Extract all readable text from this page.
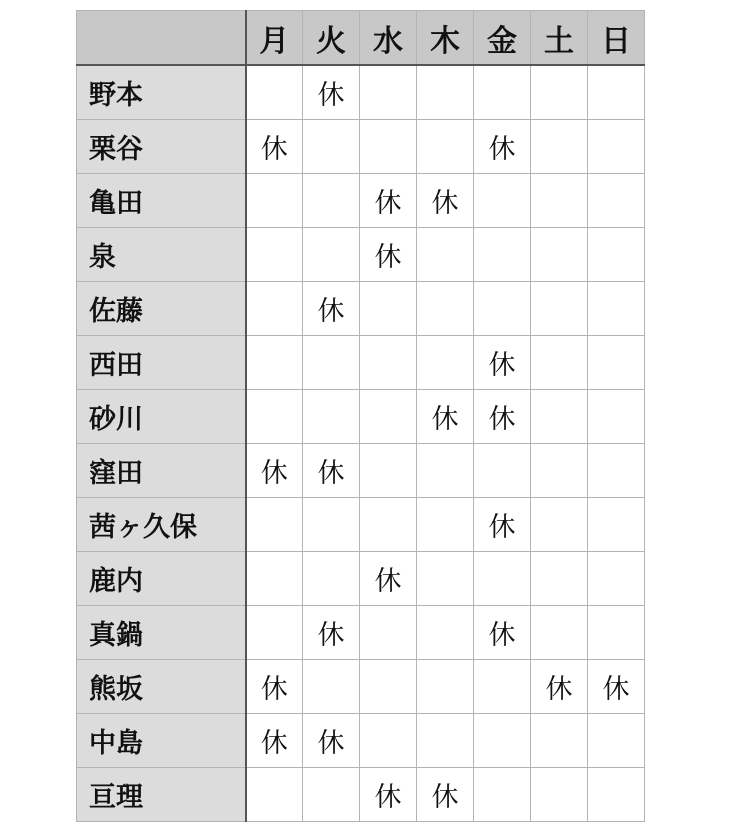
	月	火	水	木	金	土	日
野本		休					
栗谷	休				休		
亀田			休	休			
泉			休				
佐藤		休					
西田					休		
砂川				休	休		
窪田	休	休					
茜ヶ久保					休		
鹿内			休				
真鍋		休			休		
熊坂	休					休	休
中島	休	休					
亘理			休	休			
